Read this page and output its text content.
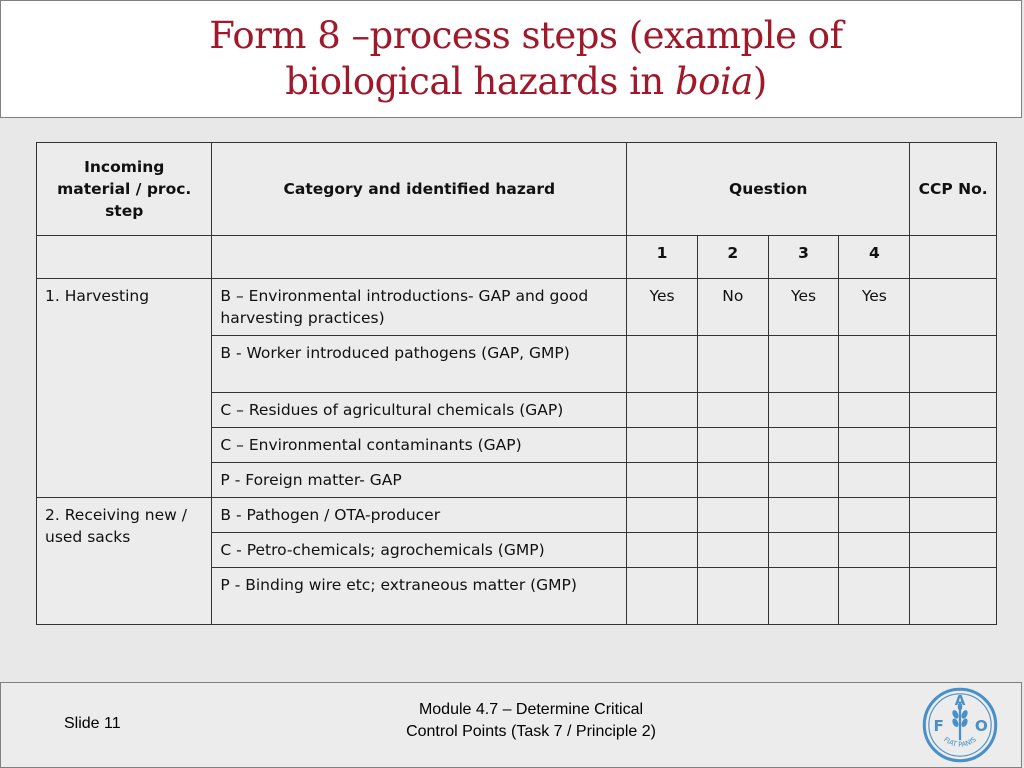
Form 8 –process steps (example of
biological hazards in boia)
Incoming material / proc. step	Category and identified hazard	Question				CCP No.
		1	2	3	4	
1. Harvesting	B – Environmental introductions- GAP and good harvesting practices)	Yes	No	Yes	Yes	
	B - Worker introduced pathogens (GAP, GMP)					
	C – Residues of agricultural chemicals (GAP)					
	C – Environmental contaminants (GAP)					
	P - Foreign matter- GAP					
2. Receiving new / used sacks	B - Pathogen / OTA-producer					
	C - Petro-chemicals; agrochemicals (GMP)					
	P - Binding wire etc; extraneous matter (GMP)					
Slide 11
Module 4.7 – Determine Critical
Control Points (Task 7 / Principle 2)	F
A
O
FIAT PANIS
